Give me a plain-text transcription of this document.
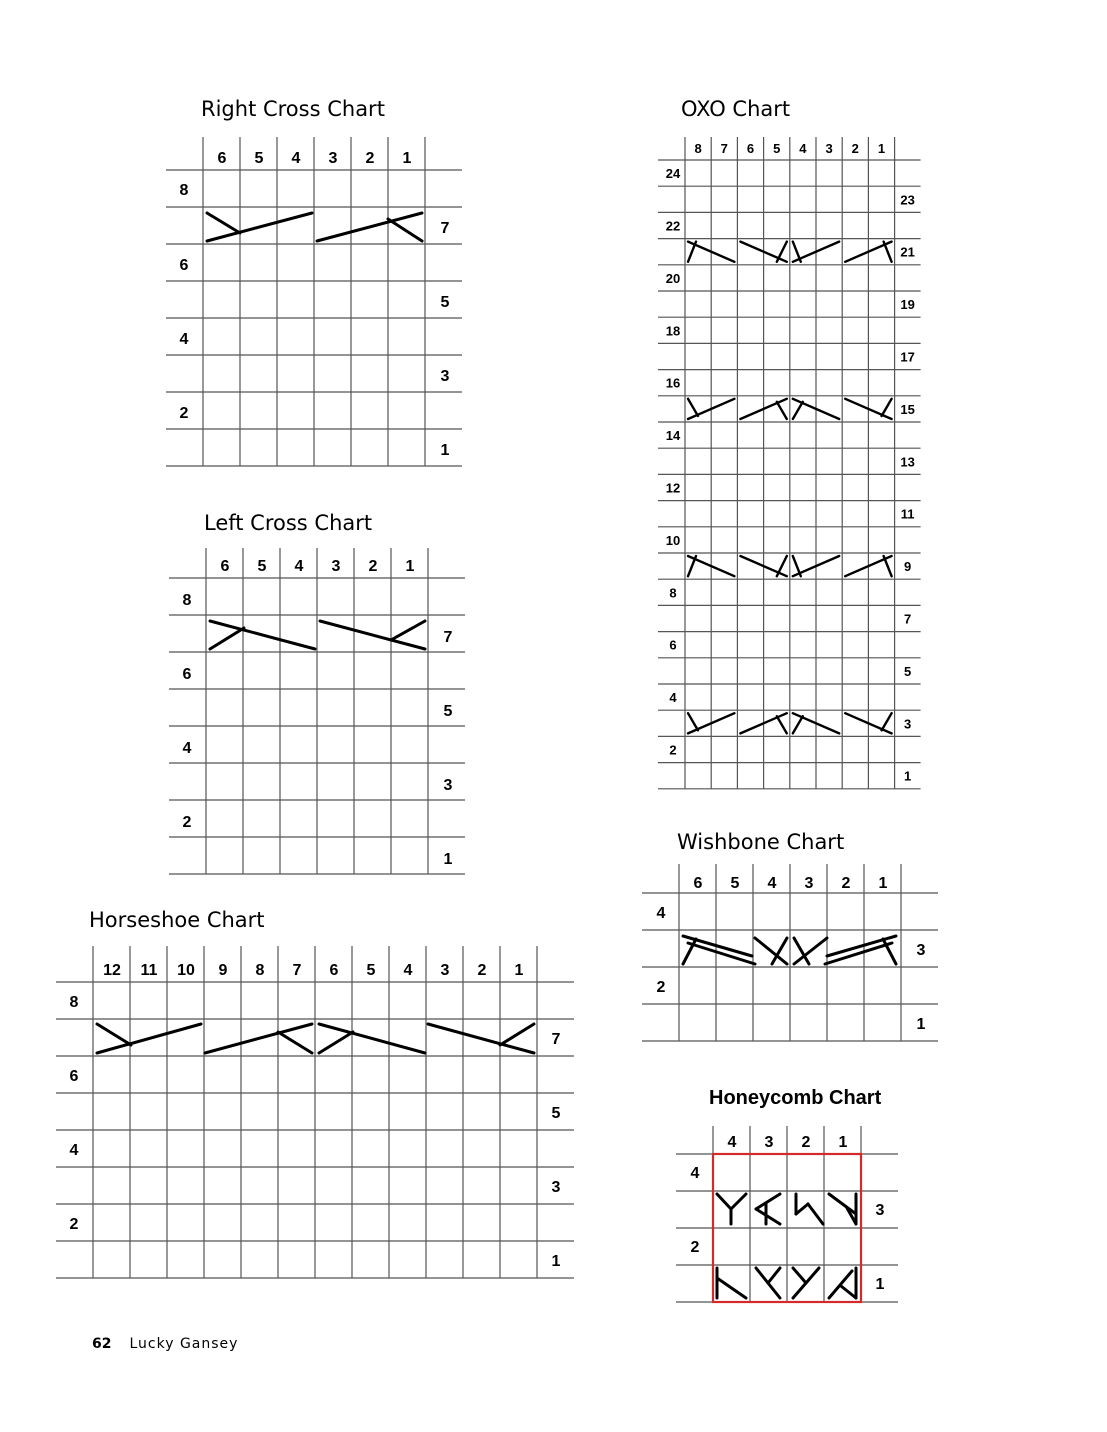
Right Cross Chart
6 5 4 3 2 1
8
6
4
2
7
5
3
1
Left Cross Chart
6 5 4 3 2 1
8
6
4
2
7
5
3
1
Horseshoe Chart
12 11 10 9 8 7 6 5 4 3 2 1
8
6
4
2
7
5
3
1
OXO Chart
8 7 6 5 4 3 2 1
24
22
20
18
16
14
12
10
8
6
4
2
23
21
19
17
15
13
11
9
7
5
3
1
Wishbone Chart
6 5 4 3 2 1
4
2
3
1
Honeycomb Chart
4 3 2 1
4
2
3
1
62 Lucky Gansey
